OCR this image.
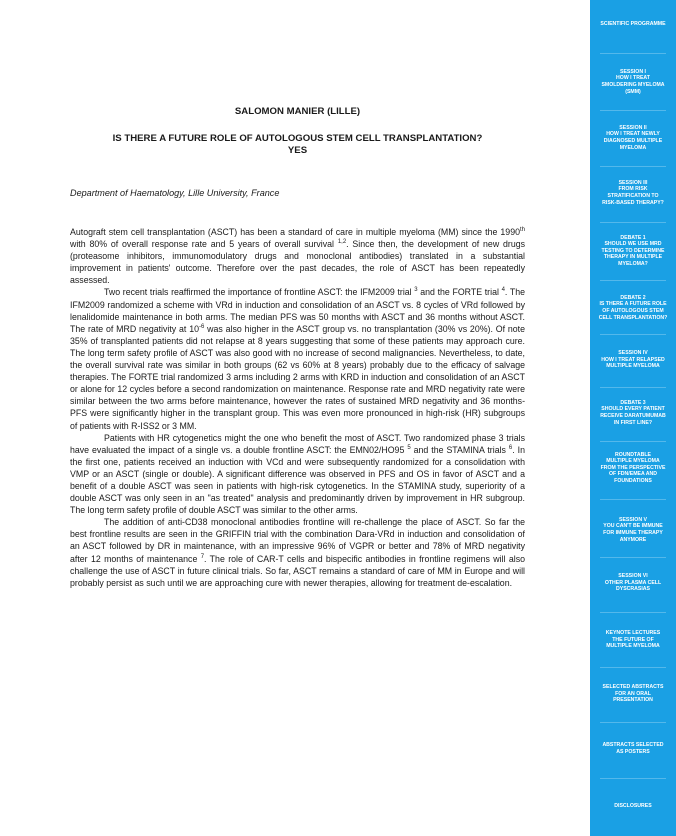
SALOMON MANIER (LILLE)
IS THERE A FUTURE ROLE OF AUTOLOGOUS STEM CELL TRANSPLANTATION?
YES
Department of Haematology, Lille University, France

Autograft stem cell transplantation (ASCT) has been a standard of care in multiple myeloma (MM) since the 1990th with 80% of overall response rate and 5 years of overall survival $^{1,2}$. Since then, the development of new drugs (proteasome inhibitors, immunomodulatory drugs and monoclonal antibodies) translated in a substantial improvement in patients' outcome. Therefore over the past decades, the role of ASCT has been repeatedly assessed.

Two recent trials reaffirmed the importance of frontline ASCT: the IFM2009 trial $^3$ and the FORTE trial $^4$. The IFM2009 randomized a scheme with VRd in induction and consolidation of an ASCT vs. 8 cycles of VRd followed by lenalidomide maintenance in both arms. The median PFS was 50 months with ASCT and 36 months without ASCT. The rate of MRD negativity at $10^{-6}$ was also higher in the ASCT group vs. no transplantation (30% vs 20%). Of note 35% of transplanted patients did not relapse at 8 years suggesting that some of these patients may approach cure. The long term safety profile of ASCT was also good with no increase of second malignancies. Nevertheless, to date, the overall survival rate was similar in both groups (62 vs 60% at 8 years) probably due to the efficacy of salvage therapies. The FORTE trial randomized 3 arms including 2 arms with KRD in induction and consolidation of an ASCT or alone for 12 cycles before a second randomization on maintenance. Response rate and MRD negativity rate were similar between the two arms before maintenance, however the rates of sustained MRD negativity and 36 months-PFS were significantly higher in the transplant group. This was even more pronounced in high-risk (HR) subgroups of patients with R-ISS2 or 3 MM.

Patients with HR cytogenetics might the one who benefit the most of ASCT. Two randomized phase 3 trials have evaluated the impact of a single vs. a double frontline ASCT: the EMN02/HO95 $^5$ and the STAMINA trials $^6$. In the first one, patients received an induction with VCd and were subsequently randomized for a consolidation with VMP or an ASCT (single or double). A significant difference was observed in PFS and OS in favor of ASCT and a benefit of a double ASCT was seen in patients with high-risk cytogenetics. In the STAMINA study, superiority of a double ASCT was only seen in an "as treated" analysis and predominantly driven by improvement in HR subgroup. The long term safety profile of double ASCT was similar to the other arms.

The addition of anti-CD38 monoclonal antibodies frontline will re-challenge the place of ASCT. So far the best frontline results are seen in the GRIFFIN trial with the combination Dara-VRd in induction and consolidation of an ASCT followed by DR in maintenance, with an impressive 96% of VGPR or better and 78% of MRD negativity after 12 months of maintenance $^7$. The role of CAR-T cells and bispecific antibodies in frontline regimens will also challenge the use of ASCT in future clinical trials. So far, ASCT remains a standard of care of MM in Europe and will probably persist as such until we are approaching cure with newer therapies, allowing for treatment de-escalation.

SCIENTIFIC PROGRAMME
SESSION I
HOW I TREAT
SMOLDERING MYELOMA
(SMM)
SESSION II
HOW I TREAT NEWLY
DIAGNOSED MULTIPLE
MYELOMA
SESSION III
FROM RISK
STRATIFICATION TO
RISK-BASED THERAPY?
DEBATE 1
SHOULD WE USE MRD
TESTING TO DETERMINE
THERAPY IN MULTIPLE
MYELOMA?
DEBATE 2
IS THERE A FUTURE ROLE
OF AUTOLOGOUS STEM
CELL TRANSPLANTATION?
SESSION IV
HOW I TREAT RELAPSED
MULTIPLE MYELOMA
DEBATE 3
SHOULD EVERY PATIENT
RECEIVE DARATUMUMAB
IN FIRST LINE?
ROUNDTABLE
MULTIPLE MYELOMA
FROM THE PERSPECTIVE
OF FDN/EMEA AND
FOUNDATIONS
SESSION V
YOU CAN'T BE IMMUNE
FOR IMMUNE THERAPY
ANYMORE
SESSION VI
OTHER PLASMA CELL
DYSCRASIAS
KEYNOTE LECTURES
THE FUTURE OF
MULTIPLE MYELOMA
SELECTED ABSTRACTS
FOR AN ORAL
PRESENTATION
ABSTRACTS SELECTED
AS POSTERS
DISCLOSURES
